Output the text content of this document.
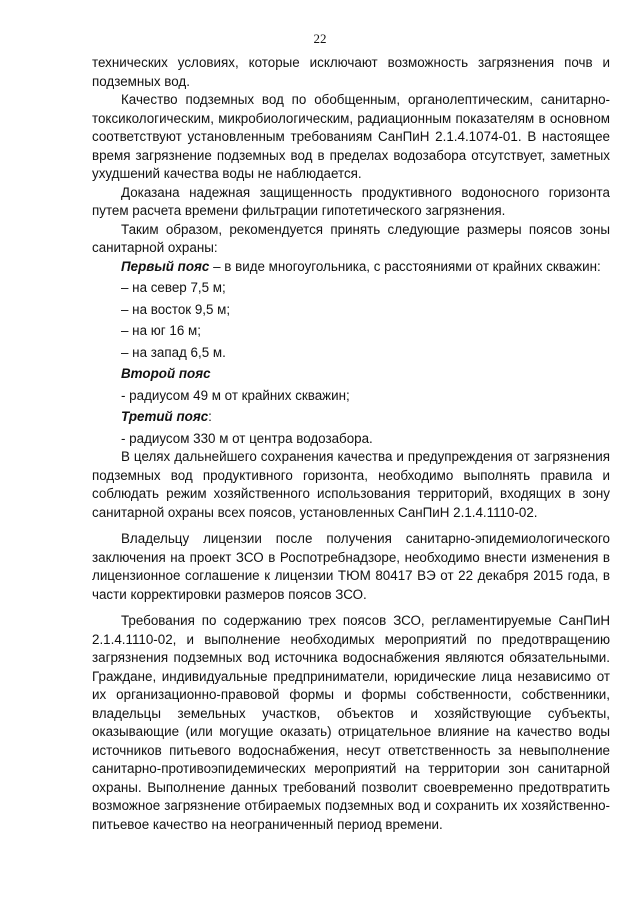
22

технических условиях, которые исключают возможность загрязнения почв и подземных вод.

Качество подземных вод по обобщенным, органолептическим, санитарно-токсикологическим, микробиологическим, радиационным показателям в основном соответствуют установленным требованиям СанПиН 2.1.4.1074-01. В настоящее время загрязнение подземных вод в пределах водозабора отсутствует, заметных ухудшений качества воды не наблюдается.

Доказана надежная защищенность продуктивного водоносного горизонта путем расчета времени фильтрации гипотетического загрязнения.

Таким образом, рекомендуется принять следующие размеры поясов зоны санитарной охраны:

Первый пояс – в виде многоугольника, с расстояниями от крайних скважин:

– на север 7,5 м;

– на восток 9,5 м;

– на юг 16 м;

– на запад 6,5 м.

Второй пояс

- радиусом 49 м от крайних скважин;

Третий пояс:

- радиусом 330 м от центра водозабора.

В целях дальнейшего сохранения качества и предупреждения от загрязнения подземных вод продуктивного горизонта, необходимо выполнять правила и соблюдать режим хозяйственного использования территорий, входящих в зону санитарной охраны всех поясов, установленных СанПиН 2.1.4.1110-02.

Владельцу лицензии после получения санитарно-эпидемиологического заключения на проект ЗСО в Роспотребнадзоре, необходимо внести изменения в лицензионное соглашение к лицензии ТЮМ 80417 ВЭ от 22 декабря 2015 года, в части корректировки размеров поясов ЗСО.

Требования по содержанию трех поясов ЗСО, регламентируемые СанПиН 2.1.4.1110-02, и выполнение необходимых мероприятий по предотвращению загрязнения подземных вод источника водоснабжения являются обязательными. Граждане, индивидуальные предприниматели, юридические лица независимо от их организационно-правовой формы и формы собственности, собственники, владельцы земельных участков, объектов и хозяйствующие субъекты, оказывающие (или могущие оказать) отрицательное влияние на качество воды источников питьевого водоснабжения, несут ответственность за невыполнение санитарно-противоэпидемических мероприятий на территории зон санитарной охраны. Выполнение данных требований позволит своевременно предотвратить возможное загрязнение отбираемых подземных вод и сохранить их хозяйственно-питьевое качество на неограниченный период времени.
